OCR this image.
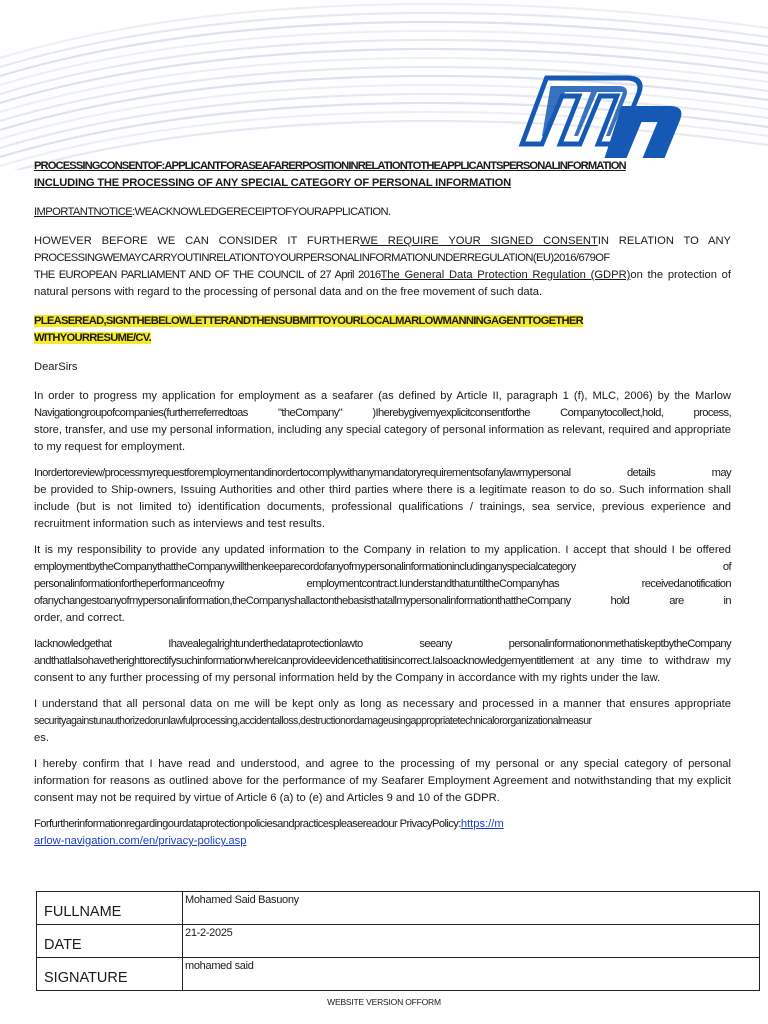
PROCESSINGCONSENTOF:APPLICANTFORASEAFARERPOSITIONINRELATIONTOTHEAPPLICANTSPERSONALINFORMATION
INCLUDING THE PROCESSING OF ANY SPECIAL CATEGORY OF PERSONAL INFORMATION
IMPORTANTNOTICE:WEACKNOWLEDGERECEIPTOFYOURAPPLICATION.
HOWEVER BEFORE WE CAN CONSIDER IT FURTHERWE REQUIRE YOUR SIGNED CONSENTIN RELATION TO ANY
PROCESSINGWEMAYCARRYOUTINRELATIONTOYOURPERSONALINFORMATIONUNDERREGULATION(EU)2016/679OF
THE EUROPEAN PARLIAMENT AND OF THE COUNCIL of 27 April 2016The General Data Protection Regulation (GDPR)on the protection of natural persons with regard to the processing of personal data and on the free movement of such data.
PLEASEREAD,SIGNTHEBELOWLETTERANDTHENSUBMITTOYOURLOCALMARLOWMANNINGAGENTTOGETHER
WITHYOURRESUME/CV.
DearSirs
In order to progress my application for employment as a seafarer (as defined by Article II, paragraph 1 (f), MLC, 2006) by the Marlow
Navigationgroupofcompanies(furtherreferredtoas "theCompany" )Iherebygivemyexplicitconsentforthe Companytocollect,hold, process,
store, transfer, and use my personal information, including any special category of personal information as relevant, required and appropriate to my request for employment.
Inordertoreview/processmyrequestforemploymentandinordertocomplywithanymandatoryrequirementsofanylawmypersonal details may
be provided to Ship-owners, Issuing Authorities and other third parties where there is a legitimate reason to do so. Such information shall include (but is not limited to) identification documents, professional qualifications / trainings, sea service, previous experience and recruitment information such as interviews and test results.
It is my responsibility to provide any updated information to the Company in relation to my application. I accept that should I be offered
employmentbytheCompanythattheCompanywillthenkeeparecordofanyofmypersonalinformationincludinganyspecialcategory of
personalinformationfortheperformanceofmy employmentcontract.IunderstandthatuntiltheCompanyhas receivedanotification
ofanychangestoanyofmypersonalinformation,theCompanyshallactonthebasisthatallmypersonalinformationthattheCompany hold are in
order, and correct.
Iacknowledgethat Ihavealegalrightunderthedataprotectionlawto seeany personalinformationonmethatiskeptbytheCompany
andthatIalsohavetherighttorectifysuchinformationwhereIcanprovideevidencethatitisincorrect.Ialsoacknowledgemyentitlement at any time to withdraw my consent to any further processing of my personal information held by the Company in accordance with my rights under the law.
I understand that all personal data on me will be kept only as long as necessary and processed in a manner that ensures appropriate
securityagainstunauthorizedorunlawfulprocessing,accidentalloss,destructionordamageusingappropriatetechnicalororganizationalmeasur
es.
I hereby confirm that I have read and understood, and agree to the processing of my personal or any special category of personal information for reasons as outlined above for the performance of my Seafarer Employment Agreement and notwithstanding that my explicit consent may not be required by virtue of Article 6 (a) to (e) and Articles 9 and 10 of the GDPR.
Forfurtherinformationregardingourdataprotectionpoliciesandpracticespleasereadour PrivacyPolicy:https://m
arlow-navigation.com/en/privacy-policy.asp
FULLNAME	Mohamed Said Basuony
DATE	21-2-2025
SIGNATURE	mohamed said
WEBSITE VERSION OFFORM
